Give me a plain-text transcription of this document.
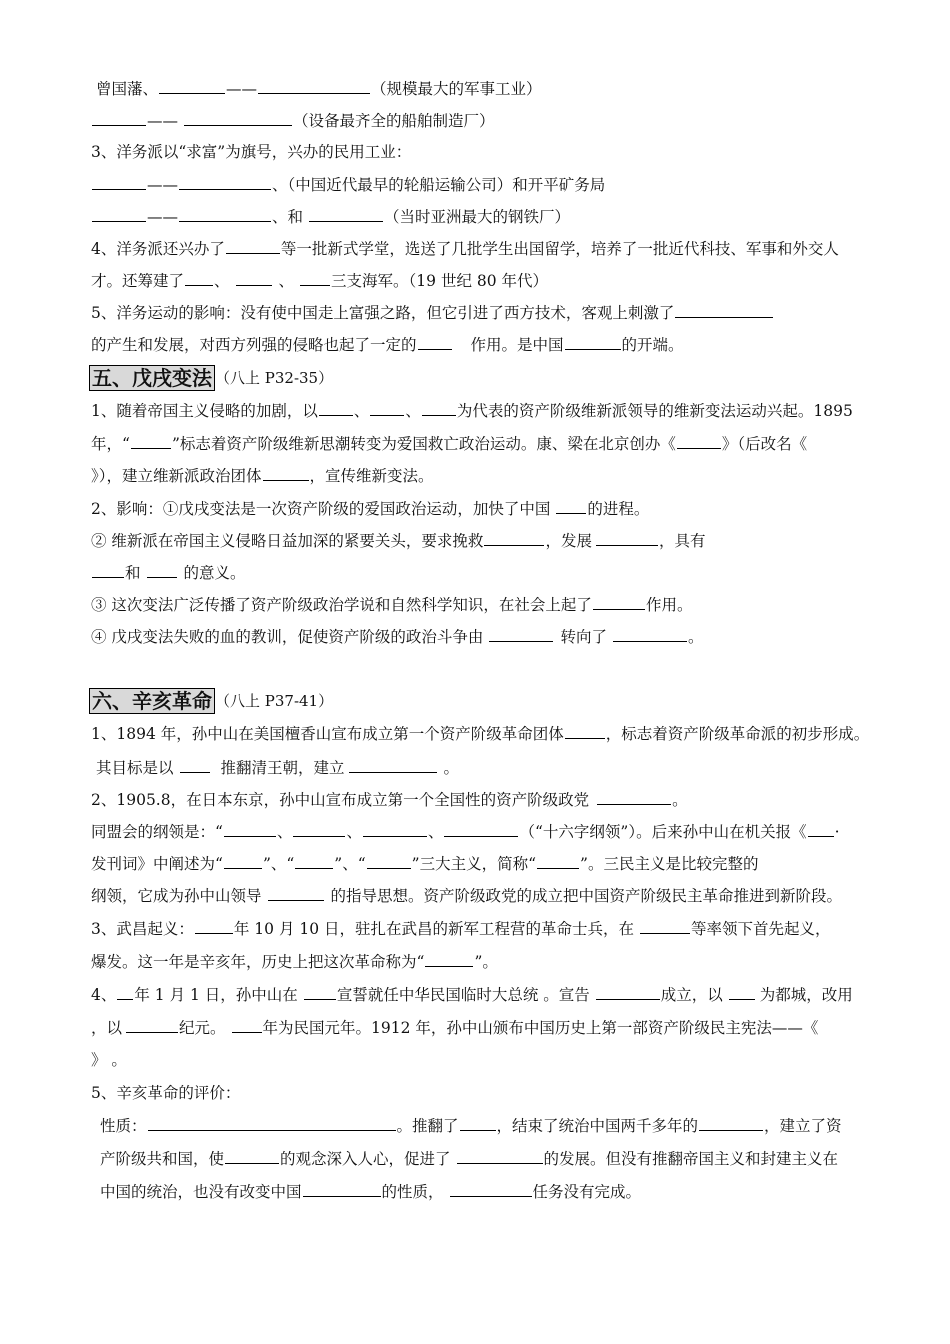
曾国藩、	——	（规模最大的军事工业）
——	（设备最齐全的船舶制造厂）
3、洋务派以“求富”为旗号，兴办的民用工业：
——	、（中国近代最早的轮船运输公司）和开平矿务局
——	、和	（当时亚洲最大的钢铁厂）
4、洋务派还兴办了	等一批新式学堂，选送了几批学生出国留学，培养了一批近代科技、军事和外交人
才。还筹建了 、	、 三支海军。（19 世纪 80 年代）
5、洋务运动的影响：没有使中国走上富强之路，但它引进了西方技术，客观上刺激了
的产生和发展，对西方列强的侵略也起了一定的	作用。是中国	的开端。
五、戊戌变法 （八上 P32-35）
1、随着帝国主义侵略的加剧，以 、 、 为代表的资产阶级维新派领导的维新变法运动兴起。1895
年，“	”标志着资产阶级维新思潮转变为爱国救亡政治运动。康、梁在北京创办《	》（后改名《
》），建立维新派政治团体	，宣传维新变法。
2、影响：①戊戌变法是一次资产阶级的爱国政治运动，加快了中国 的进程。
② 维新派在帝国主义侵略日益加深的紧要关头，要求挽救	，发展	，具有
和	的意义。
③ 这次变法广泛传播了资产阶级政治学说和自然科学知识，在社会上起了	作用。
④ 戊戌变法失败的血的教训，促使资产阶级的政治斗争由	转向了	。
六、辛亥革命 （八上 P37-41）
1、1894 年，孙中山在美国檀香山宣布成立第一个资产阶级革命团体	，标志着资产阶级革命派的初步形成。
其目标是以	推翻清王朝，建立	。
2、1905.8，在日本东京，孙中山宣布成立第一个全国性的资产阶级政党	。
同盟会的纲领是：“	、	、	、	（“十六字纲领”）。后来孙中山在机关报《 ·
发刊词》中阐述为“	”、“	”、“	”三大主义，简称“	”。三民主义是比较完整的
纲领，它成为孙中山领导	的指导思想。资产阶级政党的成立把中国资产阶级民主革命推进到新阶段。
3、武昌起义：	年 10 月 10 日，驻扎在武昌的新军工程营的革命士兵，在	等率领下首先起义，
爆发。这一年是辛亥年，历史上把这次革命称为“	”。
4、 年 1 月 1 日，孙中山在	宣誓就任中华民国临时大总统 。宣告	成立，以 为都城，改用
，以	纪元。 年为民国元年。1912 年，孙中山颁布中国历史上第一部资产阶级民主宪法——《
》 。
5、辛亥革命的评价：
性质：	。推翻了 ，结束了统治中国两千多年的	，建立了资
产阶级共和国，使	的观念深入人心，促进了	的发展。但没有推翻帝国主义和封建主义在
中国的统治，也没有改变中国	的性质，	任务没有完成。
